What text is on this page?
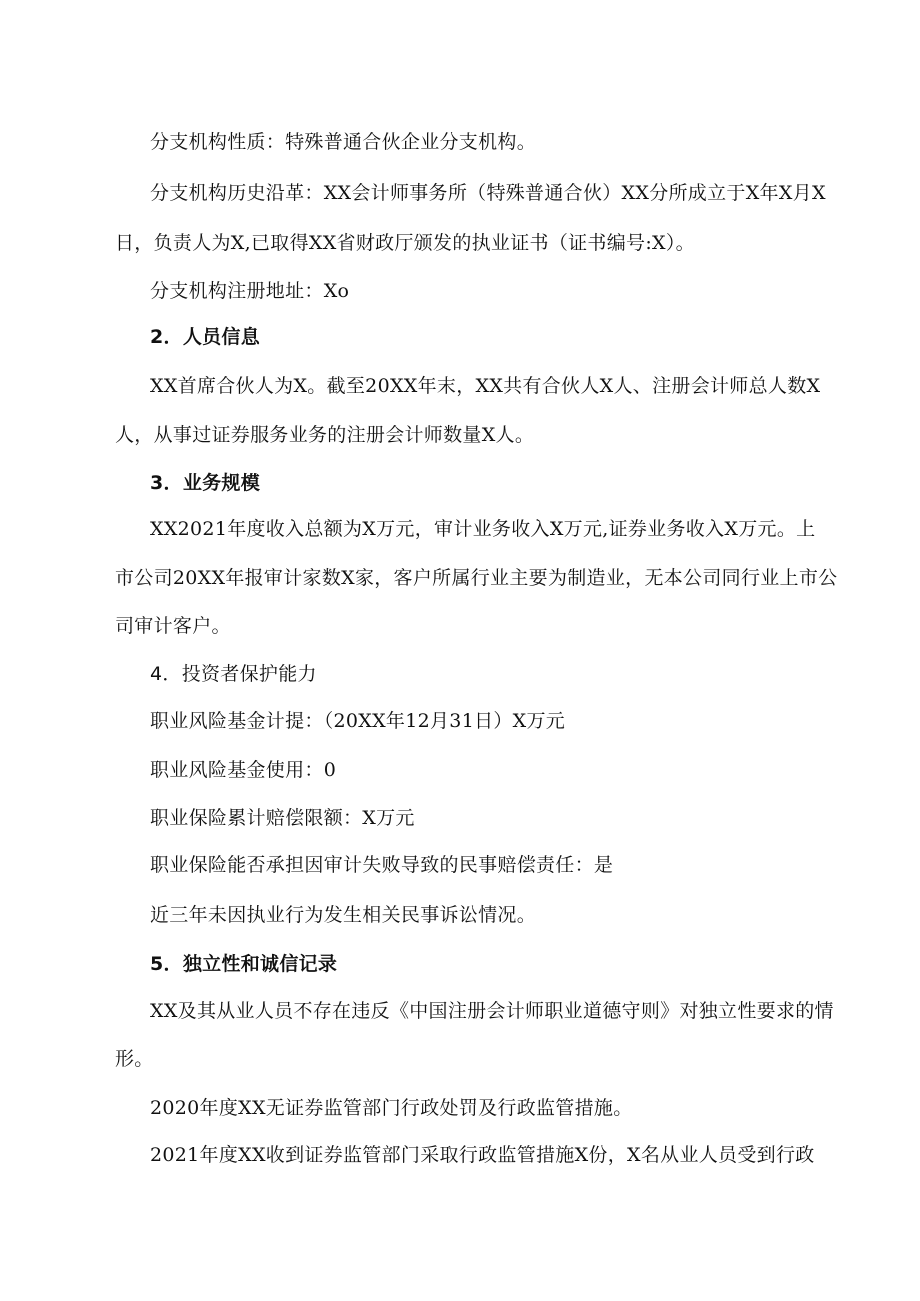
分支机构性质：特殊普通合伙企业分支机构。
分支机构历史沿革：XX会计师事务所（特殊普通合伙）XX分所成立于X年X月X
日，负责人为X,已取得XX省财政厅颁发的执业证书（证书编号:X）。
分支机构注册地址：Xo
2．人员信息
XX首席合伙人为X。截至20XX年末，XX共有合伙人X人、注册会计师总人数X
人，从事过证券服务业务的注册会计师数量X人。
3．业务规模
XX2021年度收入总额为X万元，审计业务收入X万元,证券业务收入X万元。上
市公司20XX年报审计家数X家，客户所属行业主要为制造业，无本公司同行业上市公
司审计客户。
4．投资者保护能力
职业风险基金计提：（20XX年12月31日）X万元
职业风险基金使用：0
职业保险累计赔偿限额：X万元
职业保险能否承担因审计失败导致的民事赔偿责任：是
近三年未因执业行为发生相关民事诉讼情况。
5．独立性和诚信记录
XX及其从业人员不存在违反《中国注册会计师职业道德守则》对独立性要求的情
形。
2020年度XX无证券监管部门行政处罚及行政监管措施。
2021年度XX收到证券监管部门采取行政监管措施X份，X名从业人员受到行政
